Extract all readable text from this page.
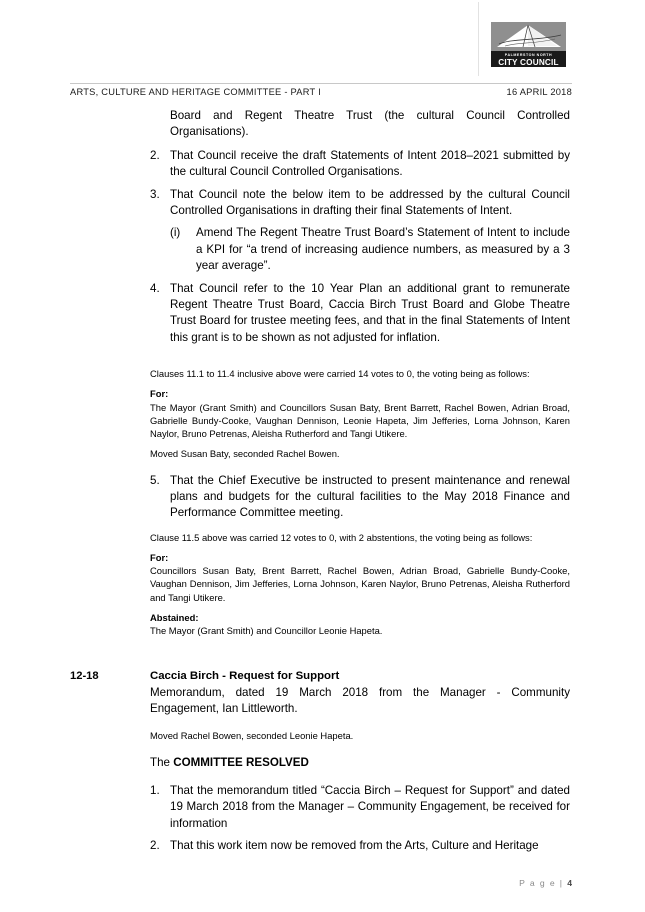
PALMERSTON NORTH
CITY COUNCIL
ARTS, CULTURE AND HERITAGE COMMITTEE - PART I	16 APRIL 2018
Board and Regent Theatre Trust (the cultural Council Controlled Organisations).
2. That Council receive the draft Statements of Intent 2018–2021 submitted by the cultural Council Controlled Organisations.
3. That Council note the below item to be addressed by the cultural Council Controlled Organisations in drafting their final Statements of Intent.
(i)	Amend The Regent Theatre Trust Board’s Statement of Intent to include a KPI for “a trend of increasing audience numbers, as measured by a 3 year average”.
4. That Council refer to the 10 Year Plan an additional grant to remunerate Regent Theatre Trust Board, Caccia Birch Trust Board and Globe Theatre Trust Board for trustee meeting fees, and that in the final Statements of Intent this grant is to be shown as not adjusted for inflation.
Clauses 11.1 to 11.4 inclusive above were carried 14 votes to 0, the voting being as follows:
For:
The Mayor (Grant Smith) and Councillors Susan Baty, Brent Barrett, Rachel Bowen, Adrian Broad, Gabrielle Bundy-Cooke, Vaughan Dennison, Leonie Hapeta, Jim Jefferies, Lorna Johnson, Karen Naylor, Bruno Petrenas, Aleisha Rutherford and Tangi Utikere.
Moved Susan Baty, seconded Rachel Bowen.
5. That the Chief Executive be instructed to present maintenance and renewal plans and budgets for the cultural facilities to the May 2018 Finance and Performance Committee meeting.
Clause 11.5 above was carried 12 votes to 0, with 2 abstentions, the voting being as follows:
For:
Councillors Susan Baty, Brent Barrett, Rachel Bowen, Adrian Broad, Gabrielle Bundy-Cooke, Vaughan Dennison, Jim Jefferies, Lorna Johnson, Karen Naylor, Bruno Petrenas, Aleisha Rutherford and Tangi Utikere.
Abstained:
The Mayor (Grant Smith) and Councillor Leonie Hapeta.
12-18	Caccia Birch - Request for Support
Memorandum, dated 19 March 2018 from the Manager - Community Engagement, Ian Littleworth.
Moved Rachel Bowen, seconded Leonie Hapeta.
The COMMITTEE RESOLVED
1. That the memorandum titled “Caccia Birch – Request for Support” and dated 19 March 2018 from the Manager – Community Engagement, be received for information
2. That this work item now be removed from the Arts, Culture and Heritage
P a g e | 4
